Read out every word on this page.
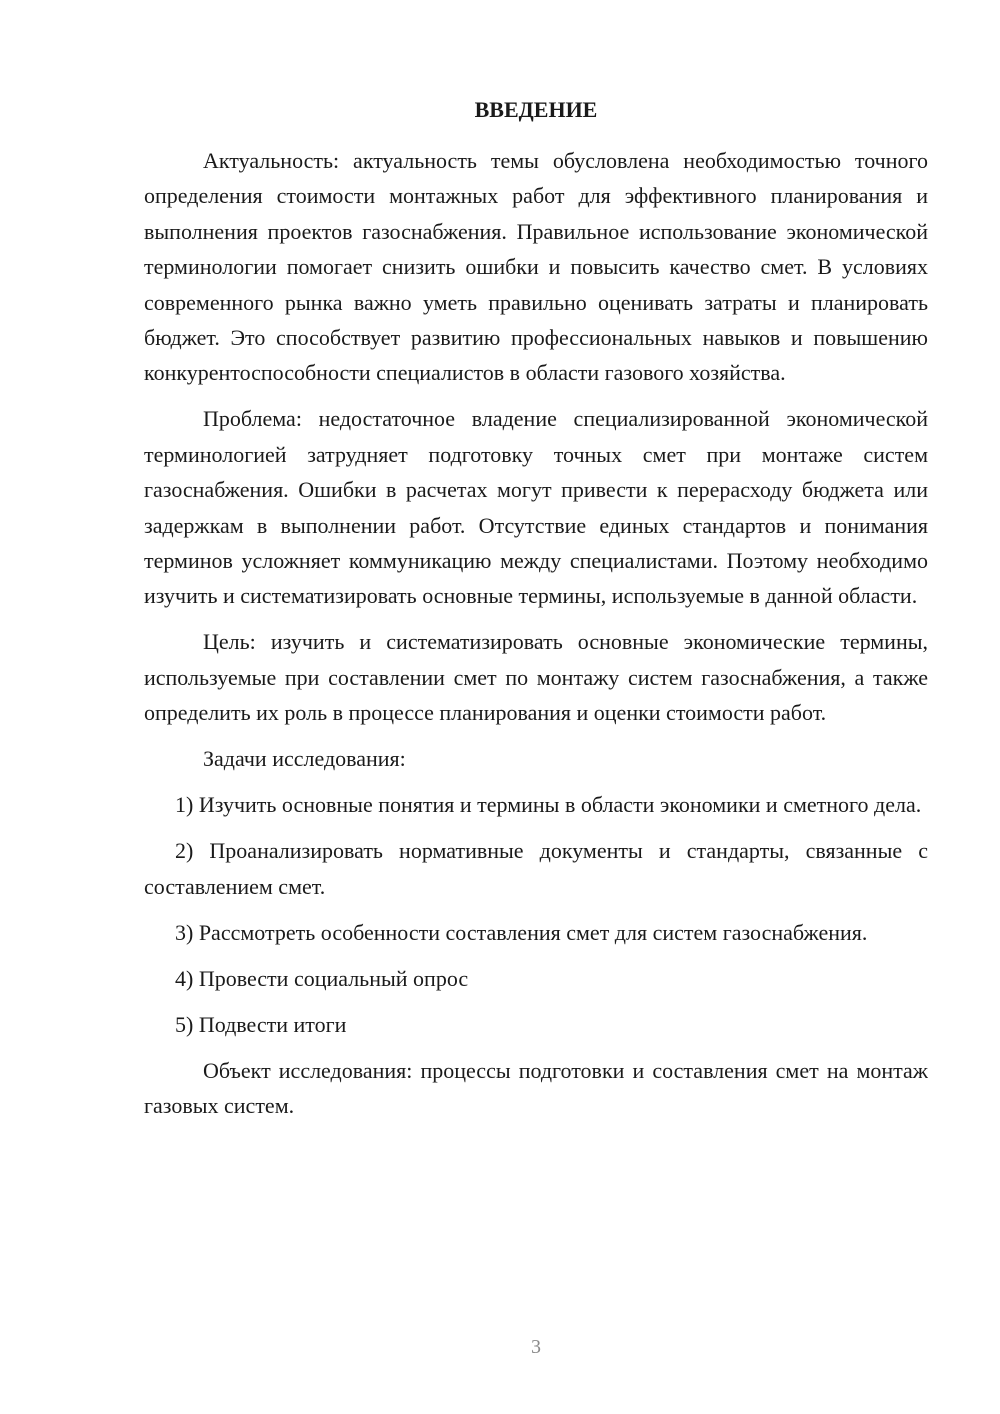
ВВЕДЕНИЕ

Актуальность: актуальность темы обусловлена необходимостью точного определения стоимости монтажных работ для эффективного планирования и выполнения проектов газоснабжения. Правильное использование экономической терминологии помогает снизить ошибки и повысить качество смет. В условиях современного рынка важно уметь правильно оценивать затраты и планировать бюджет. Это способствует развитию профессиональных навыков и повышению конкурентоспособности специалистов в области газового хозяйства.

Проблема: недостаточное владение специализированной экономической терминологией затрудняет подготовку точных смет при монтаже систем газоснабжения. Ошибки в расчетах могут привести к перерасходу бюджета или задержкам в выполнении работ. Отсутствие единых стандартов и понимания терминов усложняет коммуникацию между специалистами. Поэтому необходимо изучить и систематизировать основные термины, используемые в данной области.

Цель: изучить и систематизировать основные экономические термины, используемые при составлении смет по монтажу систем газоснабжения, а также определить их роль в процессе планирования и оценки стоимости работ.

Задачи исследования:

1) Изучить основные понятия и термины в области экономики и сметного дела.

2) Проанализировать нормативные документы и стандарты, связанные с составлением смет.

3) Рассмотреть особенности составления смет для систем газоснабжения.

4) Провести социальный опрос

5) Подвести итоги

Объект исследования: процессы подготовки и составления смет на монтаж газовых систем.

3
